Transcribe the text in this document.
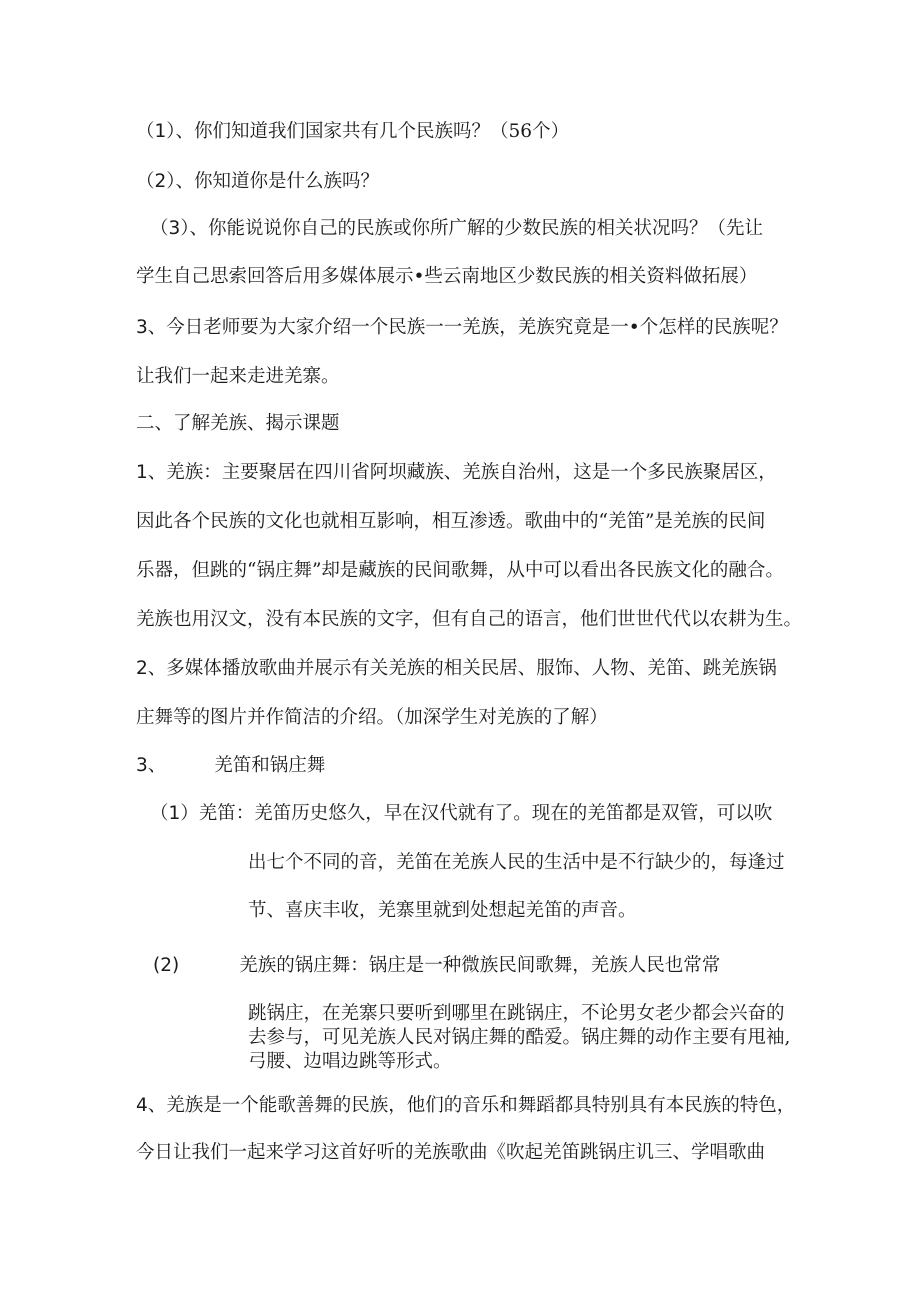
（1）、你们知道我们国家共有几个民族吗？（56个）
（2）、你知道你是什么族吗？
（3）、你能说说你自己的民族或你所广解的少数民族的相关状况吗？（先让
学生自己思索回答后用多媒体展示•些云南地区少数民族的相关资料做拓展）
3、今日老师要为大家介绍一个民族一一羌族，羌族究竟是一•个怎样的民族呢？
让我们一起来走进羌寨。
二、了解羌族、揭示课题
1、羌族：主要聚居在四川省阿坝藏族、羌族自治州，这是一个多民族聚居区，
因此各个民族的文化也就相互影响，相互渗透。歌曲中的“羌笛”是羌族的民间
乐器，但跳的“锅庄舞”却是藏族的民间歌舞，从中可以看出各民族文化的融合。
羌族也用汉文，没有本民族的文字，但有自己的语言，他们世世代代以农耕为生。
2、多媒体播放歌曲并展示有关羌族的相关民居、服饰、人物、羌笛、跳羌族锅
庄舞等的图片并作简洁的介绍。（加深学生对羌族的了解）
3、	羌笛和锅庄舞
（1）羌笛：羌笛历史悠久，早在汉代就有了。现在的羌笛都是双管，可以吹
出七个不同的音，羌笛在羌族人民的生活中是不行缺少的，每逢过
节、喜庆丰收，羌寨里就到处想起羌笛的声音。
(2)	羌族的锅庄舞：锅庄是一种微族民间歌舞，羌族人民也常常
跳锅庄，在羌寨只要听到哪里在跳锅庄，不论男女老少都会兴奋的
去参与，可见羌族人民对锅庄舞的酷爱。锅庄舞的动作主要有甩袖,
弓腰、边唱边跳等形式。
4、羌族是一个能歌善舞的民族，他们的音乐和舞蹈都具特别具有本民族的特色，
今日让我们一起来学习这首好听的羌族歌曲《吹起羌笛跳锅庄讥三、学唱歌曲
